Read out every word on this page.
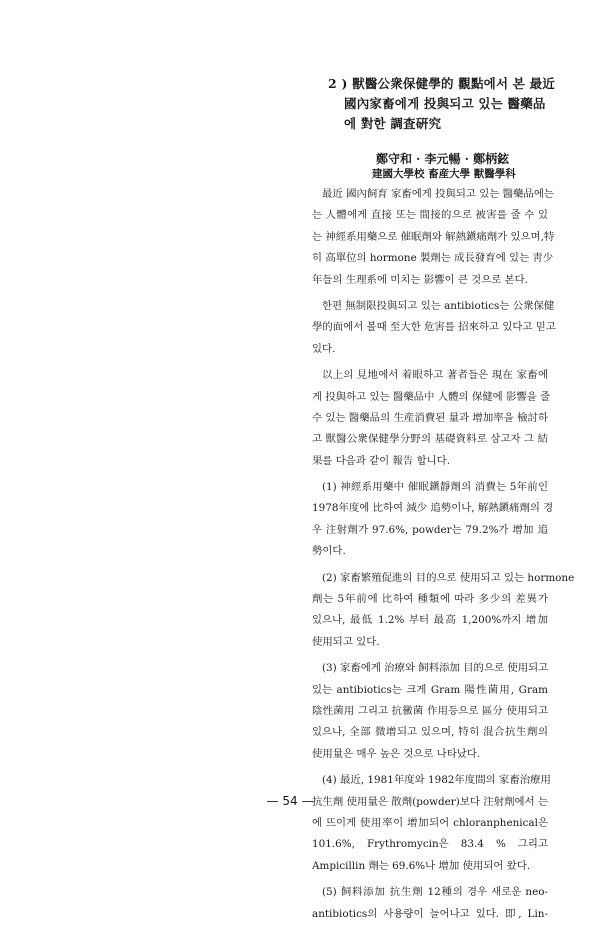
2 ) 獸醫公衆保健學的 觀點에서 본 最近
國內家畜에게 投與되고 있는 醫藥品
에 對한 調査硏究
鄭守和 · 李元暢 · 鄭柄鉉
建國大學校 畜産大學 獸醫學科
最近 國內飼育 家畜에게 投與되고 있는 醫藥品에는
는 人體에게 直接 또는 間接的으로 被害를 줄 수 있
는 神經系用藥으로 催眠劑와 解熱鎭痛劑가 있으며,特
히 高單位의 hormone 製劑는 成長發育에 있는 靑少
年들의 生理系에 미치는 影響이 큰 것으로 본다.
한편 無制限投與되고 있는 antibiotics는 公衆保健
學的面에서 볼때 至大한 危害를 招來하고 있다고 믿고
있다.
以上의 見地에서 着眼하고 著者들은 現在 家畜에
게 投與하고 있는 醫藥品中 人體의 保健에 影響을 줄
수 있는 醫藥品의 生産消費된 量과 增加率을 檢討하
고 獸醫公衆保健學分野의 基礎資料로 삼고자 그 結
果를 다음과 같이 報告 합니다.
(1) 神經系用藥中 催眠鎭靜劑의 消費는 5年前인
1978年度에 比하여 減少 追勢이나, 解熱鎭痛劑의 경
우 注射劑가 97.6%, powder는 79.2%가 增加 追
勢이다.
(2) 家畜繁殖促進의 目的으로 使用되고 있는 hormone
劑는 5年前에 比하여 種類에 따라 多少의 差異가
있으나, 最低 1.2% 부터 最高 1,200%까지 增加
使用되고 있다.
(3) 家畜에게 治療와 飼料添加 目的으로 使用되고
있는 antibiotics는 크게 Gram 陽性菌用, Gram
陰性菌用 그리고 抗黴菌 作用등으로 區分 使用되고
있으나, 全部 微增되고 있으며, 特히 混合抗生劑의
使用量은 매우 높은 것으로 나타났다.
(4) 最近, 1981年度와 1982年度間의 家畜治療用
抗生劑 使用量은 散劑(powder)보다 注射劑에서 는
에 뜨이게 使用率이 增加되어 chloranphenical은
101.6%, Frythromycin은 83.4 % 그리고
Ampicillin 劑는 69.6%나 增加 使用되어 왔다.
(5) 飼料添加 抗生劑 12種의 경우 새로운 neo-
antibiotics의 사용량이 늘어나고 있다. 即, Lin-
— 54 —
